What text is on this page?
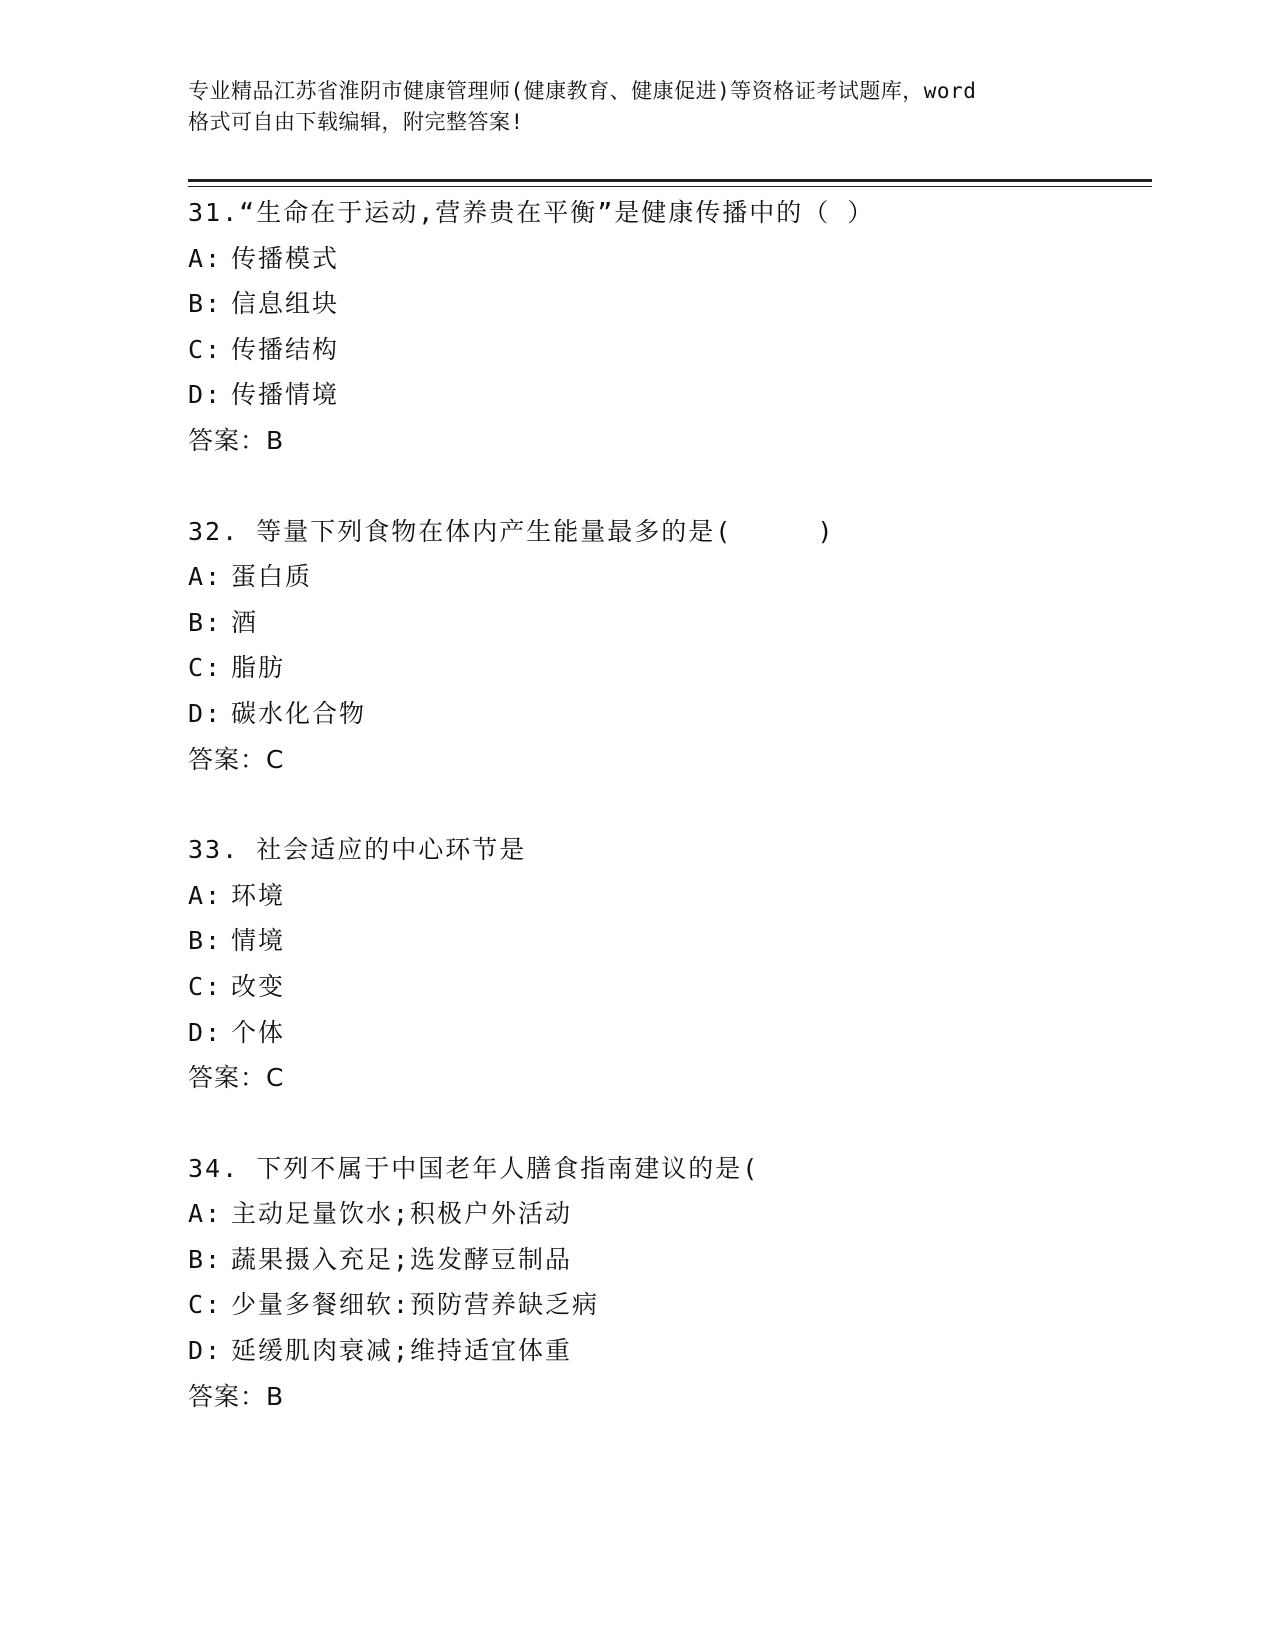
专业精品江苏省淮阴市健康管理师(健康教育、健康促进)等资格证考试题库，word
格式可自由下载编辑，附完整答案!
31.“生命在于运动,营养贵在平衡”是健康传播中的（ ）
A: 传播模式
B: 信息组块
C: 传播结构
D: 传播情境
答案：B
32. 等量下列食物在体内产生能量最多的是(     )
A: 蛋白质
B: 酒
C: 脂肪
D: 碳水化合物
答案：C
33. 社会适应的中心环节是
A: 环境
B: 情境
C: 改变
D: 个体
答案：C
34. 下列不属于中国老年人膳食指南建议的是(
A: 主动足量饮水;积极户外活动
B: 蔬果摄入充足;选发酵豆制品
C: 少量多餐细软:预防营养缺乏病
D: 延缓肌肉衰减;维持适宜体重
答案：B
